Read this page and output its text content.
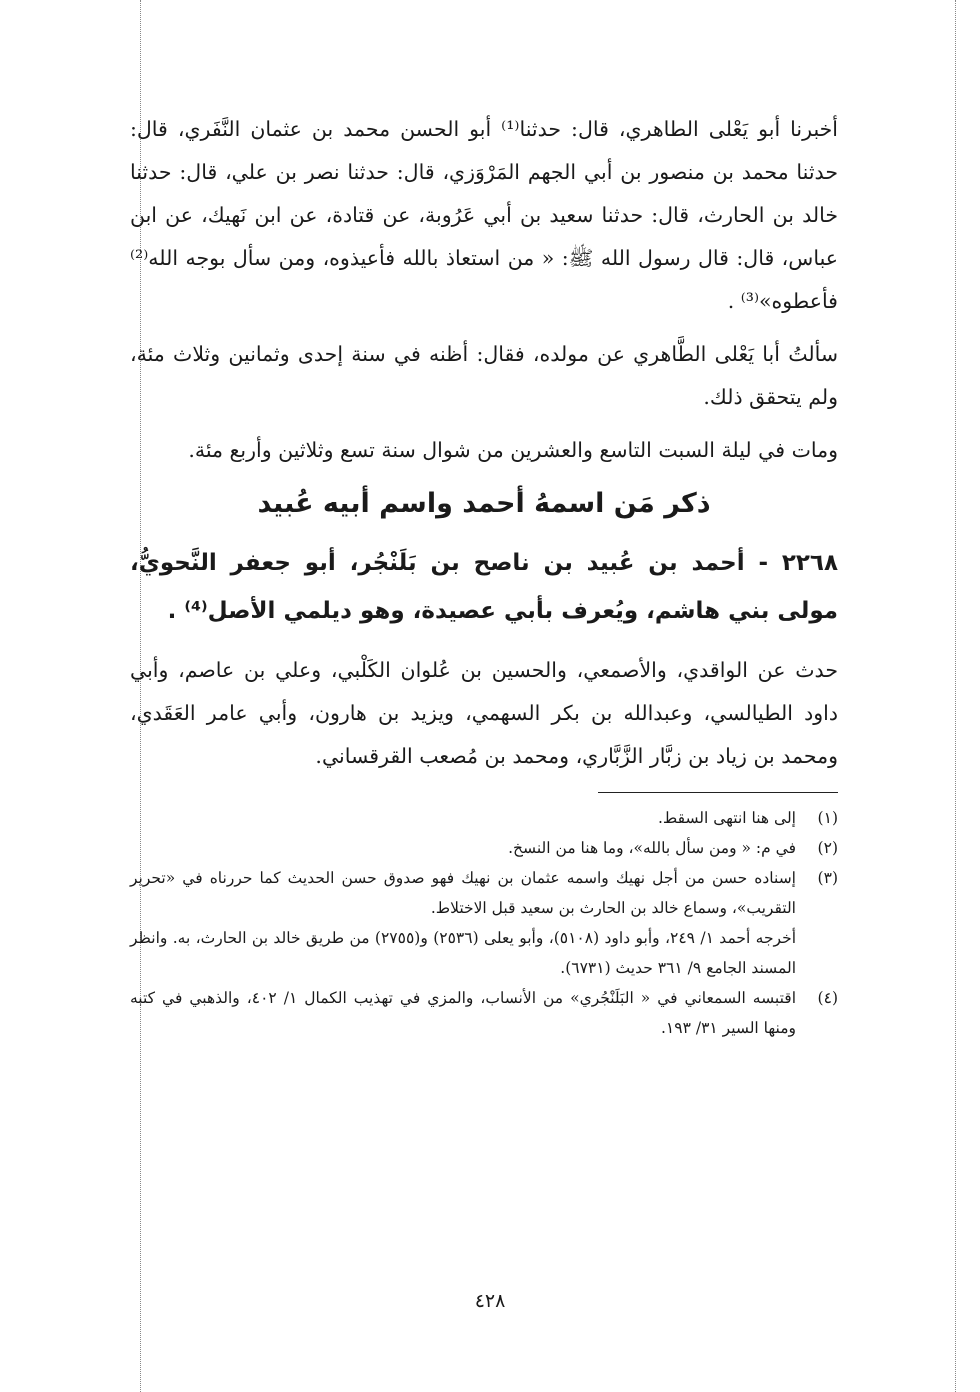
أخبرنا أبو يَعْلى الطاهري، قال: حدثنا⁽¹⁾ أبو الحسن محمد بن عثمان النَّفَري، قال: حدثنا محمد بن منصور بن أبي الجهم المَرْوَزي، قال: حدثنا نصر بن علي، قال: حدثنا خالد بن الحارث، قال: حدثنا سعيد بن أبي عَرُوبة، عن قتادة، عن ابن نَهيك، عن ابن عباس، قال: قال رسول الله ﷺ: « من استعاذ بالله فأعيذوه، ومن سأل بوجه الله⁽²⁾ فأعطوه»⁽³⁾ .

سألتُ أبا يَعْلى الطَّاهري عن مولده، فقال: أظنه في سنة إحدى وثمانين وثلاث مئة، ولم يتحقق ذلك.

ومات في ليلة السبت التاسع والعشرين من شوال سنة تسع وثلاثين وأربع مئة.

ذكر مَن اسمهُ أحمد واسم أبيه عُبيد

٢٢٦٨ - أحمد بن عُبيد بن ناصح بن بَلَنْجُر، أبو جعفر النَّحويُّ، مولى بني هاشم، ويُعرف بأبي عصيدة، وهو ديلمي الأصل⁽⁴⁾ .

حدث عن الواقدي، والأصمعي، والحسين بن عُلوان الكَلْبي، وعلي بن عاصم، وأبي داود الطيالسي، وعبدالله بن بكر السهمي، ويزيد بن هارون، وأبي عامر العَقَدي، ومحمد بن زياد بن زبَّار الزَّبَّاري، ومحمد بن مُصعب القرقساني.

(١)
إلى هنا انتهى السقط.
(٢)
في م: « ومن سأل بالله»، وما هنا من النسخ.
(٣)
إسناده حسن من أجل نهيك واسمه عثمان بن نهيك فهو صدوق حسن الحديث كما حررناه في «تحرير التقريب»، وسماع خالد بن الحارث بن سعيد قبل الاختلاط.

أخرجه أحمد ١/ ٢٤٩، وأبو داود (٥١٠٨)، وأبو يعلى (٢٥٣٦) و(٢٧٥٥) من طريق خالد بن الحارث، به. وانظر المسند الجامع ٩/ ٣٦١ حديث (٦٧٣١).

(٤)
اقتبسه السمعاني في « البَلَنْجُري» من الأنساب، والمزي في تهذيب الكمال ١/ ٤٠٢، والذهبي في كتبه ومنها السير ٣١/ ١٩٣.
٤٢٨
